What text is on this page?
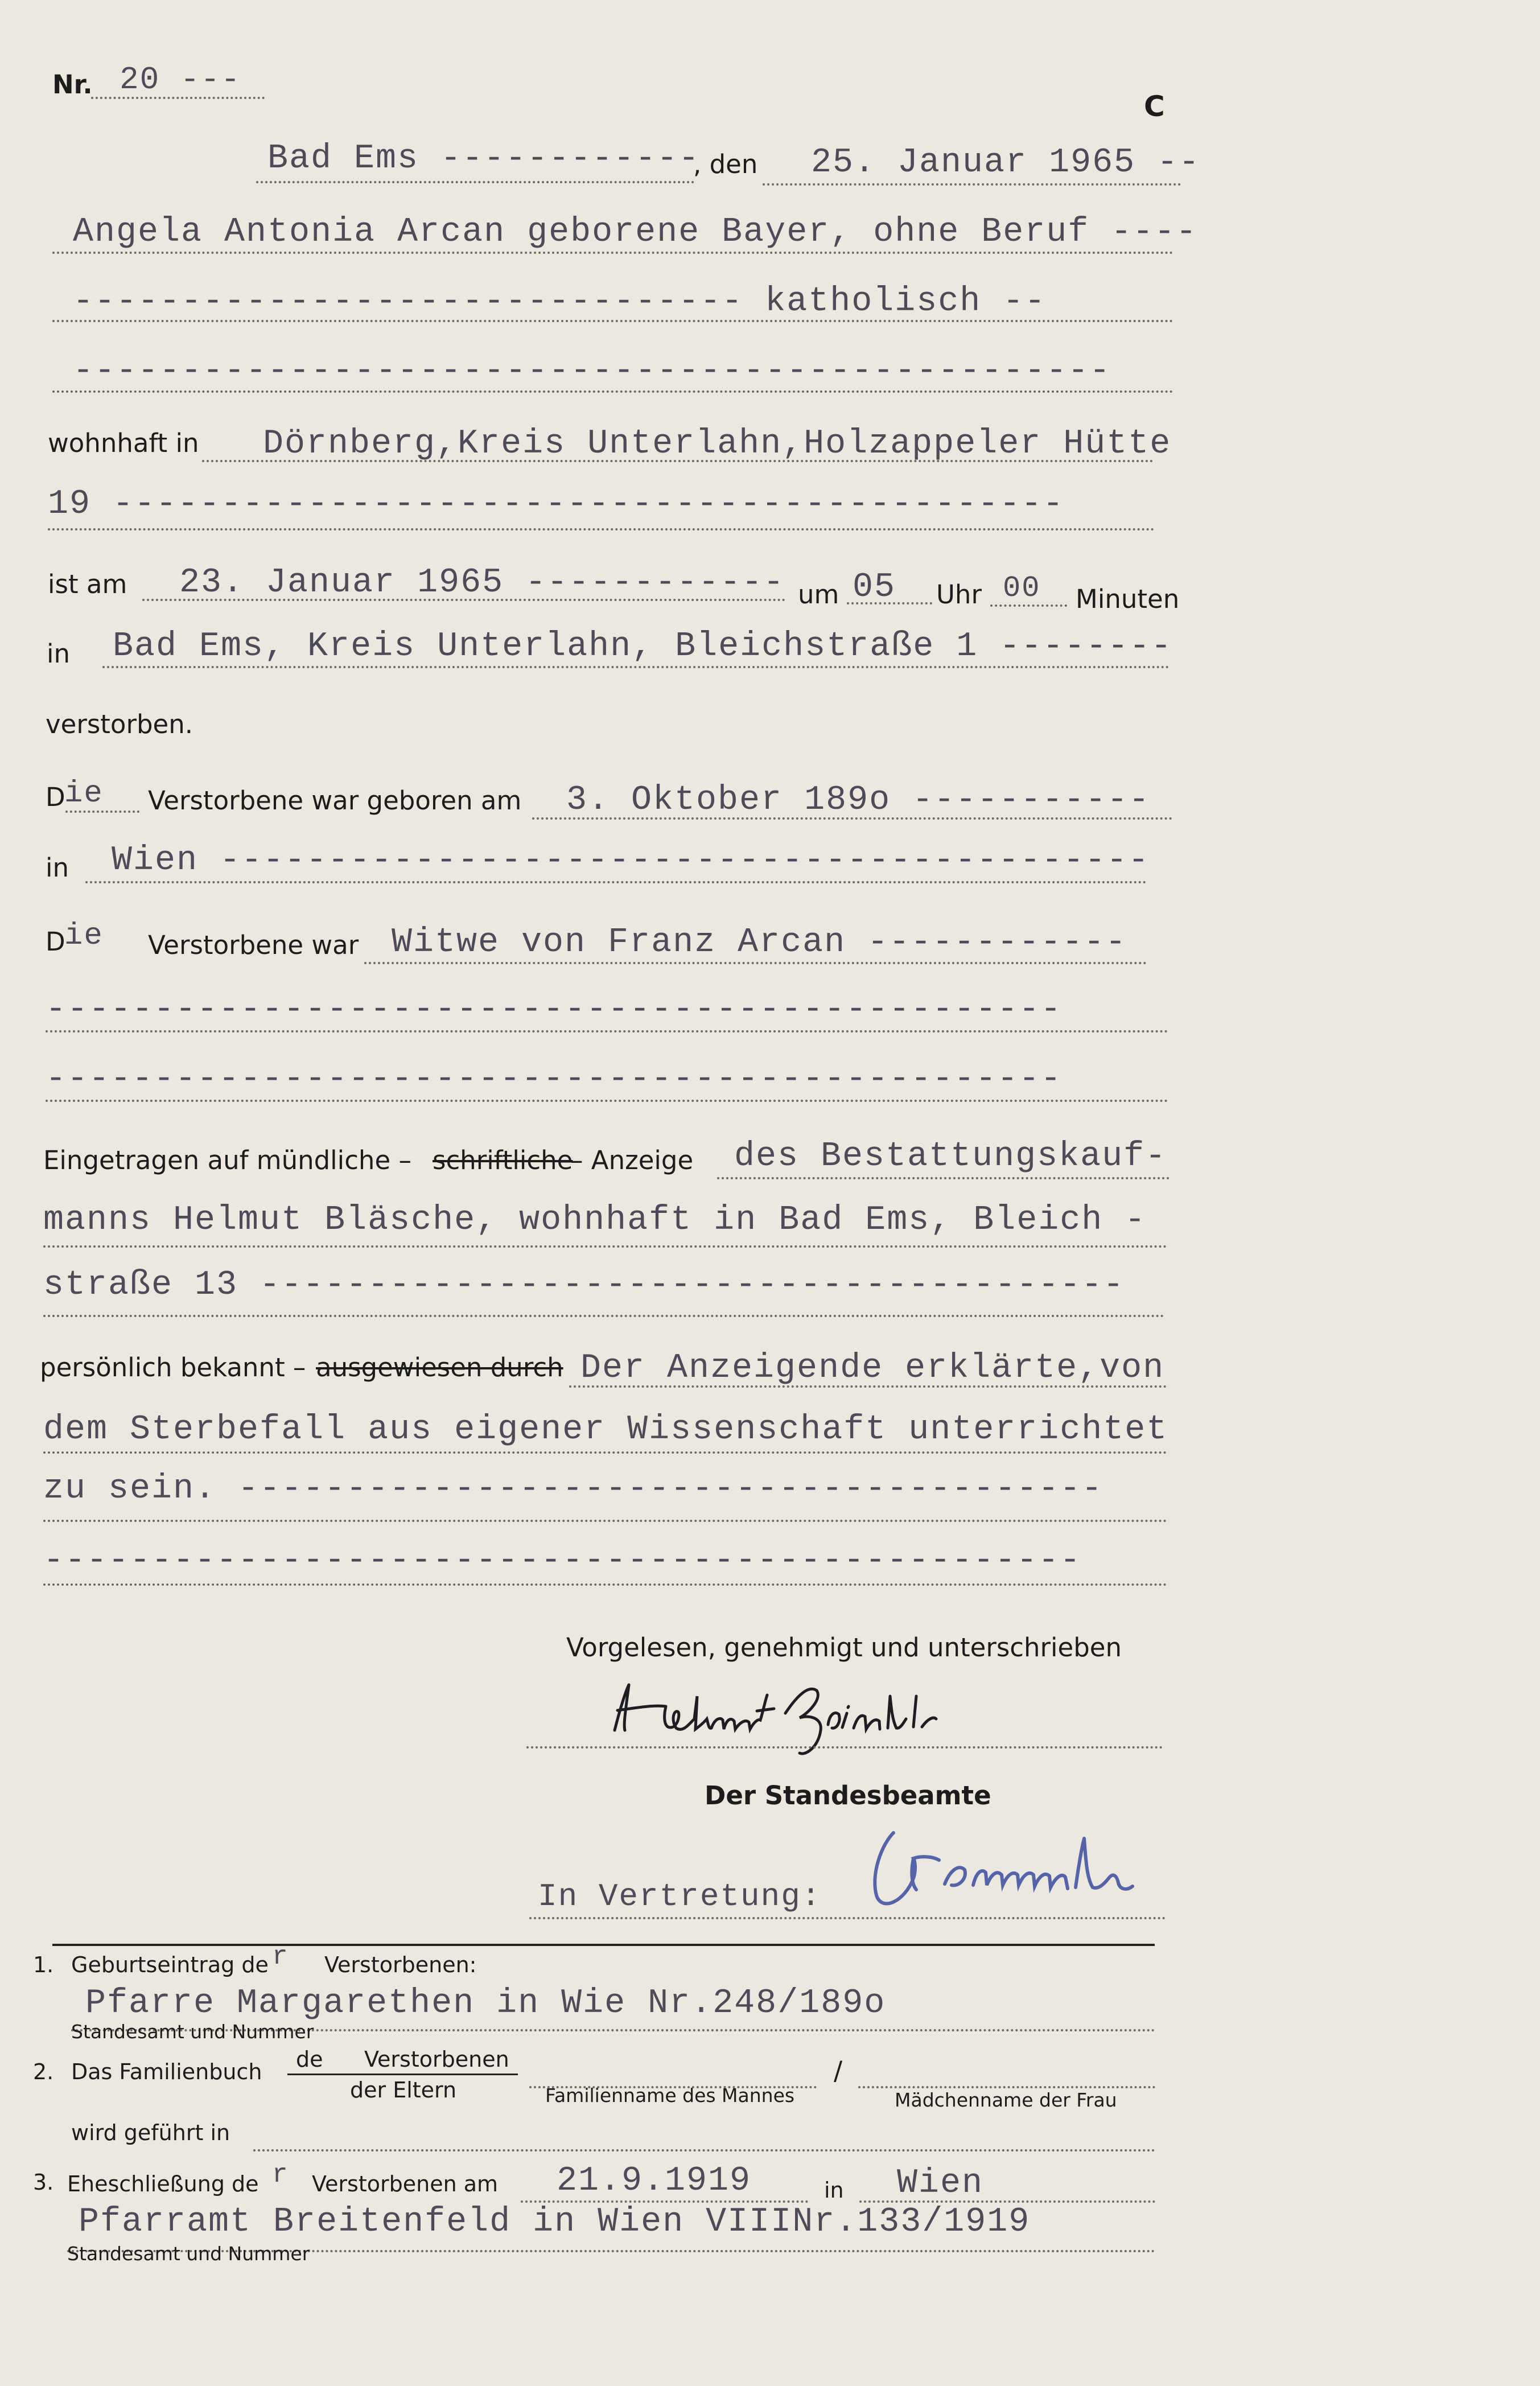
Nr. 20 ---
C
Bad Ems ------------
, den 25. Januar 1965 --
Angela Antonia Arcan geborene Bayer, ohne Beruf ----
------------------------------- katholisch --
------------------------------------------------
wohnhaft in Dörnberg,Kreis Unterlahn,Holzappeler Hütte
19 --------------------------------------------
ist am 23. Januar 1965 ------------ um 05 Uhr 00 Minuten
in Bad Ems, Kreis Unterlahn, Bleichstraße 1 --------
verstorben.
D
ie Verstorbene war geboren am 3. Oktober 189o -----------
in Wien -------------------------------------------
D
ie Verstorbene war Witwe von Franz Arcan ------------
-----------------------------------------------
-----------------------------------------------
Eingetragen auf mündliche – schriftliche
– Anzeige des Bestattungskauf-
manns Helmut Bläsche, wohnhaft in Bad Ems, Bleich -
straße 13 ----------------------------------------
persönlich bekannt – ausgewiesen durch Der Anzeigende erklärte,von
dem Sterbefall aus eigener Wissenschaft unterrichtet
zu sein. ----------------------------------------
------------------------------------------------
Vorgelesen, genehmigt und unterschrieben
Der Standesbeamte
In Vertretung:
1. Geburtseintrag de r Verstorbenen:
Pfarre Margarethen in Wie Nr.248/189o
Standesamt und Nummer
2. Das Familienbuch de Verstorbenen
der Eltern	Familienname des Mannes
/
Mädchenname der Frau
wird geführt in
3. Eheschließung de r Verstorbenen am 21.9.1919	in Wien
Pfarramt Breitenfeld in Wien VIIINr.133/1919
Standesamt und Nummer
